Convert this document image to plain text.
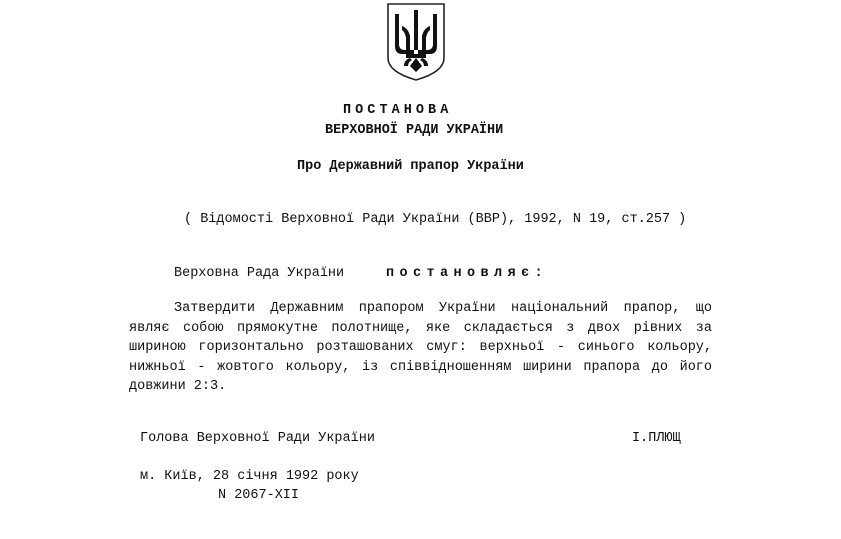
ПОСТАНОВА
ВЕРХОВНОЇ РАДИ УКРАЇНИ
Про Державний прапор України
( Відомості Верховної Ради України (ВВР), 1992, N 19, ст.257 )
Верховна Рада України	постановляє:

Затвердити Державним прапором України національний прапор, що являє собою прямокутне полотнище, яке складається з двох рівних за шириною горизонтально розташованих смуг: верхньої - синього кольору, нижньої - жовтого кольору, із співвідношенням ширини прапора до його довжини 2:3.

Голова Верховної Ради України	І.ПЛЮЩ
м. Київ, 28 січня 1992 року
N 2067-XII
